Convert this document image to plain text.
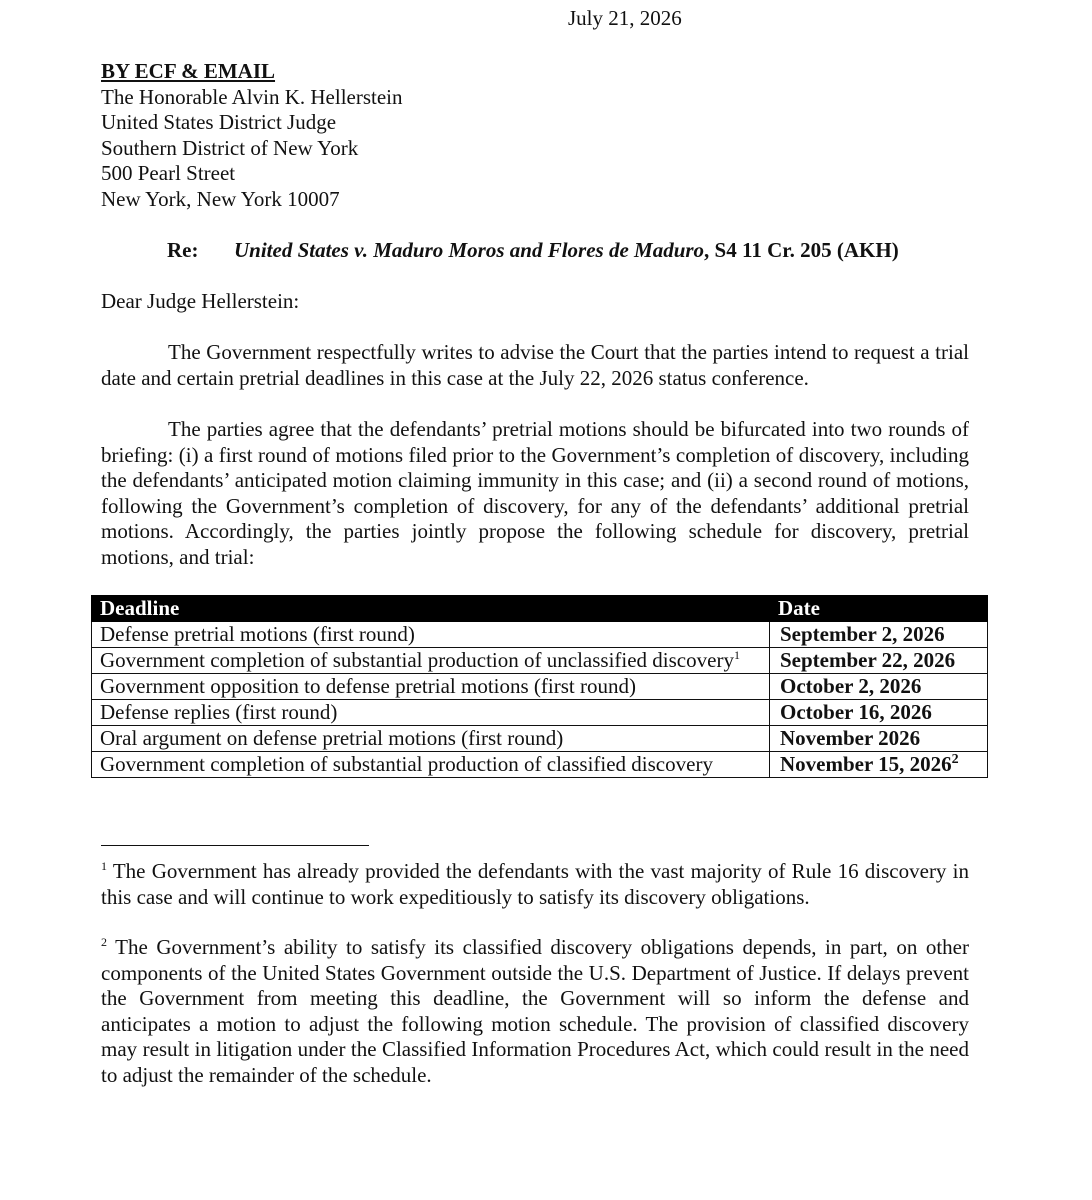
July 21, 2026
BY ECF & EMAIL
The Honorable Alvin K. Hellerstein
United States District Judge
Southern District of New York
500 Pearl Street
New York, New York 10007
Re: United States v. Maduro Moros and Flores de Maduro, S4 11 Cr. 205 (AKH)
Dear Judge Hellerstein:
The Government respectfully writes to advise the Court that the parties intend to request a trial date and certain pretrial deadlines in this case at the July 22, 2026 status conference.
The parties agree that the defendants’ pretrial motions should be bifurcated into two rounds of briefing: (i) a first round of motions filed prior to the Government’s completion of discovery, including the defendants’ anticipated motion claiming immunity in this case; and (ii) a second round of motions, following the Government’s completion of discovery, for any of the defendants’ additional pretrial motions. Accordingly, the parties jointly propose the following schedule for discovery, pretrial motions, and trial:
Deadline	Date
Defense pretrial motions (first round)	September 2, 2026
Government completion of substantial production of unclassified discovery$^1$	September 22, 2026
Government opposition to defense pretrial motions (first round)	October 2, 2026
Defense replies (first round)	October 16, 2026
Oral argument on defense pretrial motions (first round)	November 2026
Government completion of substantial production of classified discovery	November 15, 2026$^2$
$^1$ The Government has already provided the defendants with the vast majority of Rule 16 discovery in this case and will continue to work expeditiously to satisfy its discovery obligations.
$^2$ The Government’s ability to satisfy its classified discovery obligations depends, in part, on other components of the United States Government outside the U.S. Department of Justice. If delays prevent the Government from meeting this deadline, the Government will so inform the defense and anticipates a motion to adjust the following motion schedule. The provision of classified discovery may result in litigation under the Classified Information Procedures Act, which could result in the need to adjust the remainder of the schedule.
